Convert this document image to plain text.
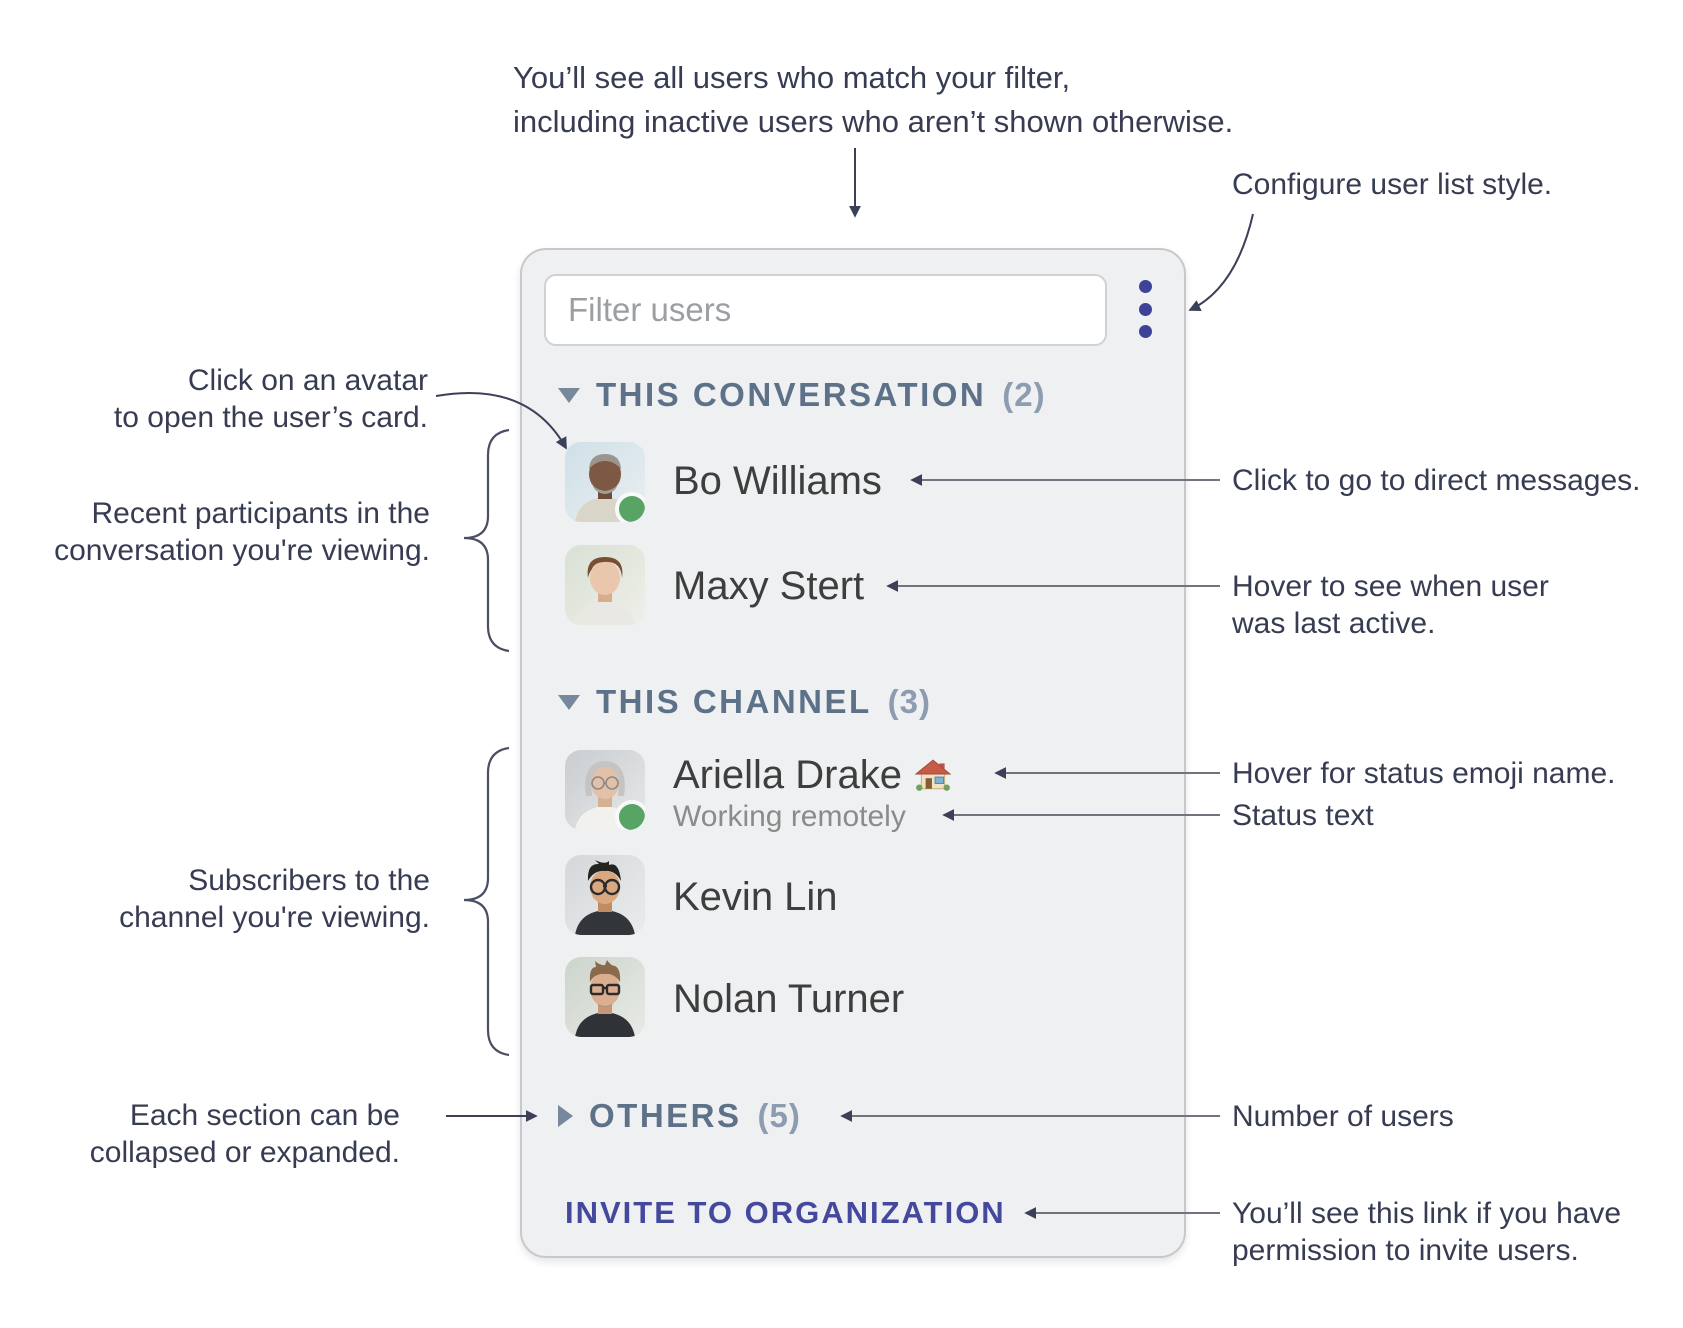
Filter users
THIS CONVERSATION (2)
Bo Williams
Maxy Stert
THIS CHANNEL (3)
Ariella Drake
Working remotely
Kevin Lin
Nolan Turner
OTHERS (5)
INVITE TO ORGANIZATION
You’ll see all users who match your filter,
including inactive users who aren’t shown otherwise.
Configure user list style.
Click on an avatar
to open the user’s card.
Recent participants in the
conversation you're viewing.
Click to go to direct messages.
Hover to see when user
was last active.
Hover for status emoji name.
Status text
Subscribers to the
channel you're viewing.
Each section can be
collapsed or expanded.
Number of users
You’ll see this link if you have
permission to invite users.
